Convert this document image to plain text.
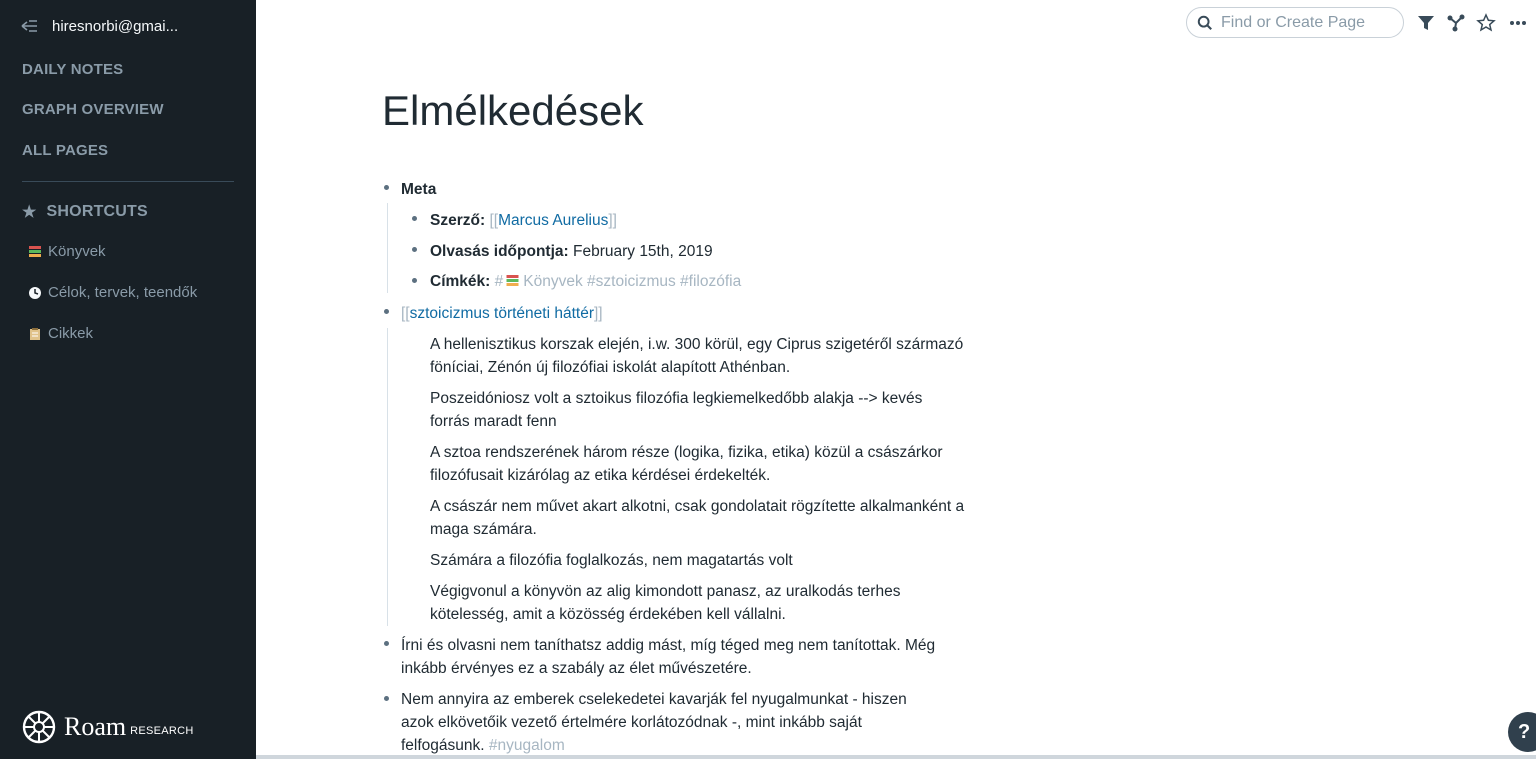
hiresnorbi@gmai...
DAILY NOTES
GRAPH OVERVIEW
ALL PAGES
★ SHORTCUTS
Könyvek
Célok, tervek, teendők
Cikkek
Roam RESEARCH
Find or Create Page
Elmélkedések
Meta
Szerző: [[Marcus Aurelius]]
Olvasás időpontja: February 15th, 2019
Címkék: # Könyvek #sztoicizmus #filozófia
[[sztoicizmus történeti háttér]]
A hellenisztikus korszak elején, i.w. 300 körül, egy Ciprus szigetéről származó
föníciai, Zénón új filozófiai iskolát alapított Athénban.
Poszeidóniosz volt a sztoikus filozófia legkiemelkedőbb alakja --> kevés
forrás maradt fenn
A sztoa rendszerének három része (logika, fizika, etika) közül a császárkor
filozófusait kizárólag az etika kérdései érdekelték.
A császár nem művet akart alkotni, csak gondolatait rögzítette alkalmanként a
maga számára.
Számára a filozófia foglalkozás, nem magatartás volt
Végigvonul a könyvön az alig kimondott panasz, az uralkodás terhes
kötelesség, amit a közösség érdekében kell vállalni.
Írni és olvasni nem taníthatsz addig mást, míg téged meg nem tanítottak. Még
inkább érvényes ez a szabály az élet művészetére.
Nem annyira az emberek cselekedetei kavarják fel nyugalmunkat - hiszen
azok elkövetőik vezető értelmére korlátozódnak -, mint inkább saját
felfogásunk. #nyugalom
?
